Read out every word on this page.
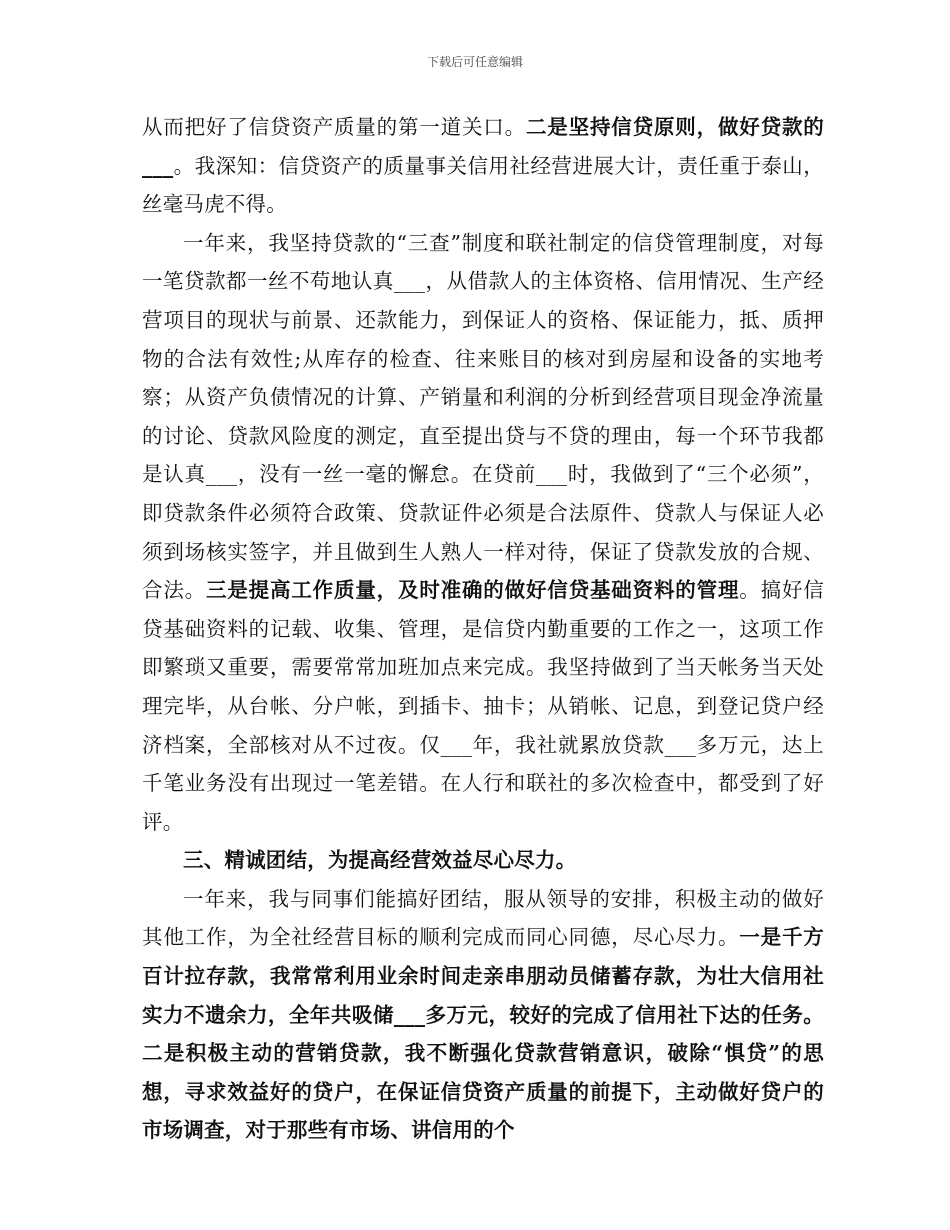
下载后可任意编辑

从而把好了信贷资产质量的第一道关口。二是坚持信贷原则，做好贷款的___。我深知：信贷资产的质量事关信用社经营进展大计，责任重于泰山，丝毫马虎不得。

一年来，我坚持贷款的“三查”制度和联社制定的信贷管理制度，对每一笔贷款都一丝不苟地认真___，从借款人的主体资格、信用情况、生产经营项目的现状与前景、还款能力，到保证人的资格、保证能力，抵、质押物的合法有效性;从库存的检查、往来账目的核对到房屋和设备的实地考察；从资产负债情况的计算、产销量和利润的分析到经营项目现金净流量的讨论、贷款风险度的测定，直至提出贷与不贷的理由，每一个环节我都是认真___，没有一丝一毫的懈怠。在贷前___时，我做到了“三个必须”，即贷款条件必须符合政策、贷款证件必须是合法原件、贷款人与保证人必须到场核实签字，并且做到生人熟人一样对待，保证了贷款发放的合规、合法。三是提高工作质量，及时准确的做好信贷基础资料的管理。搞好信贷基础资料的记载、收集、管理，是信贷内勤重要的工作之一，这项工作即繁琐又重要，需要常常加班加点来完成。我坚持做到了当天帐务当天处理完毕，从台帐、分户帐，到插卡、抽卡；从销帐、记息，到登记贷户经济档案，全部核对从不过夜。仅___年，我社就累放贷款___多万元，达上千笔业务没有出现过一笔差错。在人行和联社的多次检查中，都受到了好评。

三、精诚团结，为提高经营效益尽心尽力。

一年来，我与同事们能搞好团结，服从领导的安排，积极主动的做好其他工作，为全社经营目标的顺利完成而同心同德，尽心尽力。一是千方百计拉存款，我常常利用业余时间走亲串朋动员储蓄存款，为壮大信用社实力不遗余力，全年共吸储___多万元，较好的完成了信用社下达的任务。二是积极主动的营销贷款，我不断强化贷款营销意识，破除“惧贷”的思想，寻求效益好的贷户，在保证信贷资产质量的前提下，主动做好贷户的市场调查，对于那些有市场、讲信用的个
